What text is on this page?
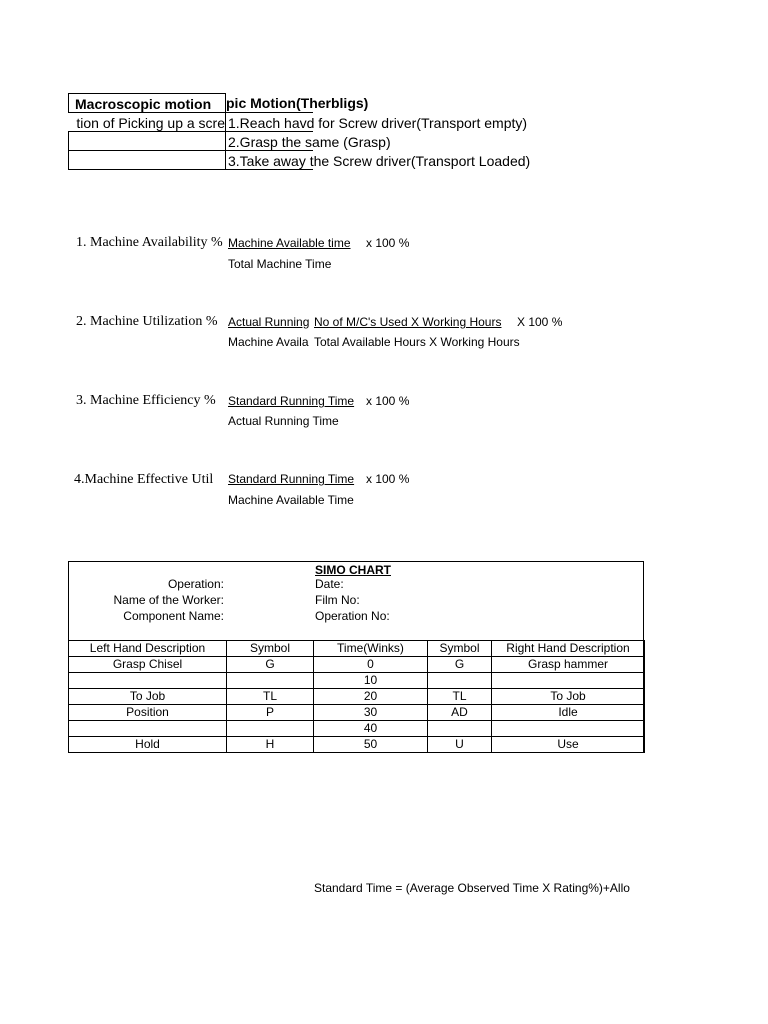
Macroscopic motion	pic Motion(Therbligs)
tion of Picking up a scre 1.Reach havd for Screw driver(Transport empty)
2.Grasp the same (Grasp)
3.Take away the Screw driver(Transport Loaded)
1. Machine Availability % Machine Available time x 100 %
Total Machine Time
2. Machine Utilization % Actual Running No of M/C's Used X Working Hours X 100 %
Machine Availa Total Available Hours X Working Hours
3. Machine Efficiency %	Standard Running Time x 100 %
Actual Running Time
4.Machine Effective Util	Standard Running Time x 100 %
Machine Available Time
SIMO CHART
Operation:
Name of the Worker:
Component Name:
Date:
Film No:
Operation No:
Left Hand Description	Symbol	Time(Winks)	Symbol	Right Hand Description
Grasp Chisel	G	0	G	Grasp hammer
		10		
To Job	TL	20	TL	To Job
Position	P	30	AD	Idle
		40		
Hold	H	50	U	Use
Standard Time = (Average Observed Time X Rating%)+Allo
